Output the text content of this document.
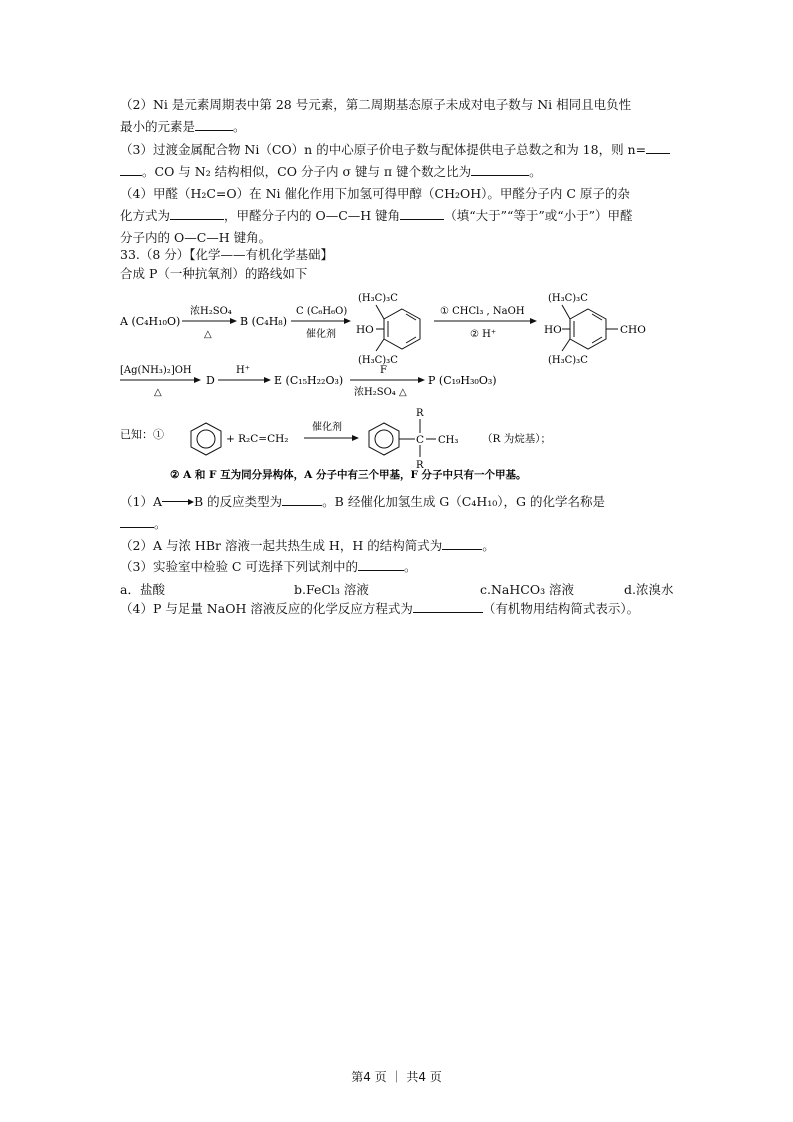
（2）Ni 是元素周期表中第 28 号元素，第二周期基态原子未成对电子数与 Ni 相同且电负性
最小的元素是	。
（3）过渡金属配合物 Ni（CO）n 的中心原子价电子数与配体提供电子总数之和为 18，则 n=
。CO 与 N₂ 结构相似，CO 分子内 σ 键与 π 键个数之比为	。
（4）甲醛（H₂C=O）在 Ni 催化作用下加氢可得甲醇（CH₂OH）。甲醛分子内 C 原子的杂
化方式为	，甲醛分子内的 O—C—H 键角	（填“大于”“等于”或“小于”）甲醛
分子内的 O—C—H 键角。
33.（8 分）【化学——有机化学基础】
合成 P（一种抗氧剂）的路线如下
A (C₄H₁₀O)
浓H₂SO₄
△
B (C₄H₈)
C (C₆H₆O)
催化剂
(H₃C)₃C
(H₃C)₃C
HO
① CHCl₃ , NaOH
② H⁺
(H₃C)₃C
(H₃C)₃C
HO	CHO
[Ag(NH₃)₂]OH
△
D
H⁺
E (C₁₅H₂₂O₃)
F
浓H₂SO₄ △
P (C₁₉H₃₀O₃)
已知：①	+ R₂C=CH₂
催化剂
C
R
R
CH₃ （R 为烷基）；
② A 和 F 互为同分异构体，A 分子中有三个甲基，F 分子中只有一个甲基。
（1）A	B 的反应类型为	。B 经催化加氢生成 G（C₄H₁₀），G 的化学名称是
。
（2）A 与浓 HBr 溶液一起共热生成 H，H 的结构简式为	。
（3）实验室中检验 C 可选择下列试剂中的	。
a．盐酸	b.FeCl₃ 溶液	c.NaHCO₃ 溶液	d.浓溴水
（4）P 与足量 NaOH 溶液反应的化学反应方程式为	（有机物用结构简式表示）。
第4 页 ｜ 共4 页
